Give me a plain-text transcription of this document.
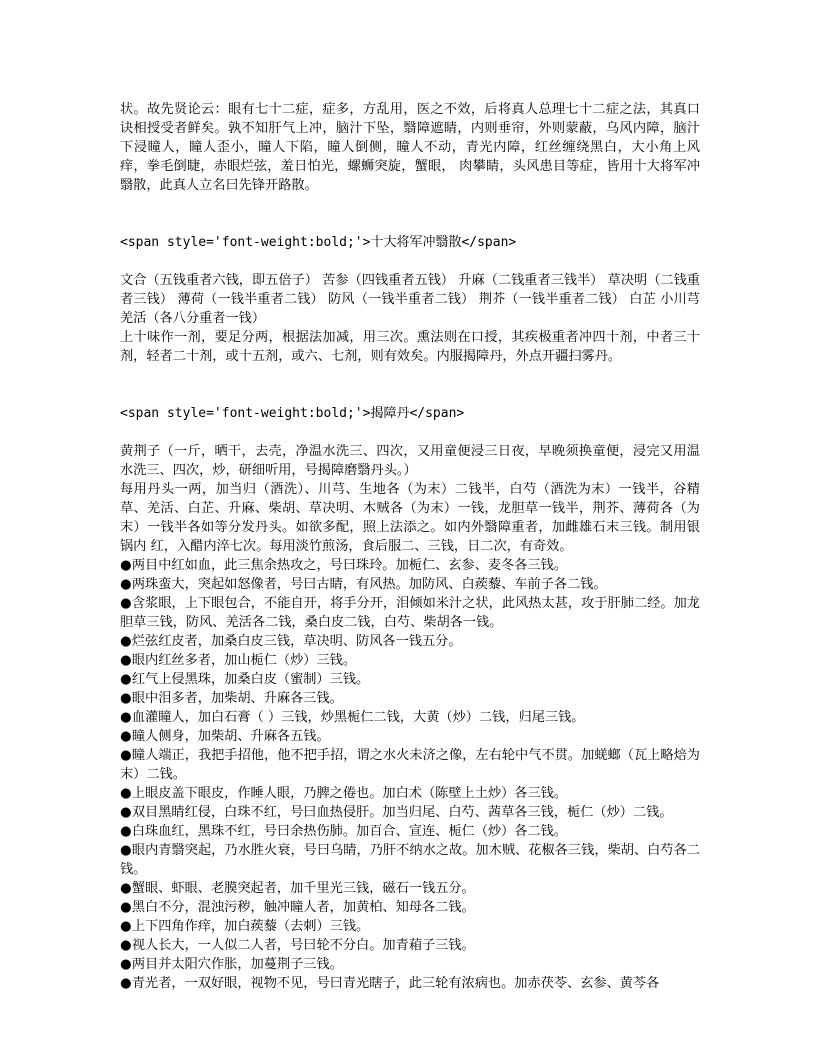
状。故先贤论云：眼有七十二症，症多，方乱用，医之不效，后将真人总理七十二症之法，其真口诀相授受者鲜矣。孰不知肝气上冲，脑汁下坠，翳障遮睛，内则垂帘，外则蒙蔽，乌风内障，脑汁下浸瞳人，瞳人歪小，瞳人下陷，瞳人倒侧，瞳人不动，青光内障，红丝缠绕黑白，大小角上风痒，拳毛倒睫，赤眼烂弦，羞日怕光，螺蛳突旋，蟹眼， 肉攀睛，头风患目等症，皆用十大将军冲翳散，此真人立名曰先锋开路散。

<span style='font-weight:bold;'>十大将军冲翳散</span>

文合（五钱重者六钱，即五倍子） 苦参（四钱重者五钱） 升麻（二钱重者三钱半） 草决明（二钱重者三钱） 薄荷（一钱半重者二钱） 防风（一钱半重者二钱） 荆芥（一钱半重者二钱） 白芷 小川芎 羌活（各八分重者一钱）

上十味作一剂，要足分两，根据法加减，用三次。熏法则在口授，其疾极重者冲四十剂，中者三十剂，轻者二十剂，或十五剂，或六、七剂，则有效矣。内服揭障丹，外点开疆扫雾丹。

<span style='font-weight:bold;'>揭障丹</span>

黄荆子（一斤，晒干，去壳，净温水洗三、四次，又用童便浸三日夜，早晚须换童便，浸完又用温水洗三、四次，炒，研细听用，号揭障磨翳丹头。）

每用丹头一两，加当归（酒洗）、川芎、生地各（为末）二钱半，白芍（酒洗为末）一钱半，谷精草、羌活、白芷、升麻、柴胡、草决明、木贼各（为末）一钱，龙胆草一钱半，荆芥、薄荷各（为末）一钱半各如等分发丹头。如欲多配，照上法添之。如内外翳障重者，加雌雄石末三钱。制用银锅内 红，入醋内淬七次。每用淡竹煎汤，食后服二、三钱，日二次，有奇效。

●两目中红如血，此三焦余热攻之，号曰珠玲。加栀仁、玄参、麦冬各三钱。
●两珠蛮大，突起如怒像者，号曰古睛，有风热。加防风、白蒺藜、车前子各二钱。
●含浆眼，上下眼包合，不能自开，将手分开，泪倾如米汁之状，此风热太甚，攻于肝肺二经。加龙胆草三钱，防风、羌活各二钱，桑白皮二钱，白芍、柴胡各一钱。
●烂弦红皮者，加桑白皮三钱，草决明、防风各一钱五分。
●眼内红丝多者，加山栀仁（炒）三钱。
●红气上侵黑珠，加桑白皮（蜜制）三钱。
●眼中泪多者，加柴胡、升麻各三钱。
●血灌瞳人，加白石膏（ ）三钱，炒黑栀仁二钱，大黄（炒）二钱，归尾三钱。
●瞳人侧身，加柴胡、升麻各五钱。
●瞳人端正，我把手招他，他不把手招，谓之水火未济之像，左右轮中气不贯。加蜣螂（瓦上略焙为末）二钱。
●上眼皮盖下眼皮，作睡人眼，乃脾之倦也。加白术（陈壁上土炒）各三钱。
●双目黑睛红侵，白珠不红，号曰血热侵肝。加当归尾、白芍、茜草各三钱，栀仁（炒）二钱。
●白珠血红，黑珠不红，号曰余热伤肺。加百合、宣连、栀仁（炒）各二钱。
●眼内青翳突起，乃水胜火衰，号曰乌睛，乃肝不纳水之故。加木贼、花椒各三钱，柴胡、白芍各二钱。
●蟹眼、虾眼、老膜突起者，加千里光三钱，磁石一钱五分。
●黑白不分，混浊污秽，触冲瞳人者，加黄柏、知母各二钱。
●上下四角作痒，加白蒺藜（去刺）三钱。
●视人长大，一人似二人者，号曰轮不分白。加青葙子三钱。
●两目并太阳穴作胀，加蔓荆子三钱。
●青光者，一双好眼，视物不见，号曰青光瞎子，此三轮有浓病也。加赤茯苓、玄参、黄芩各
